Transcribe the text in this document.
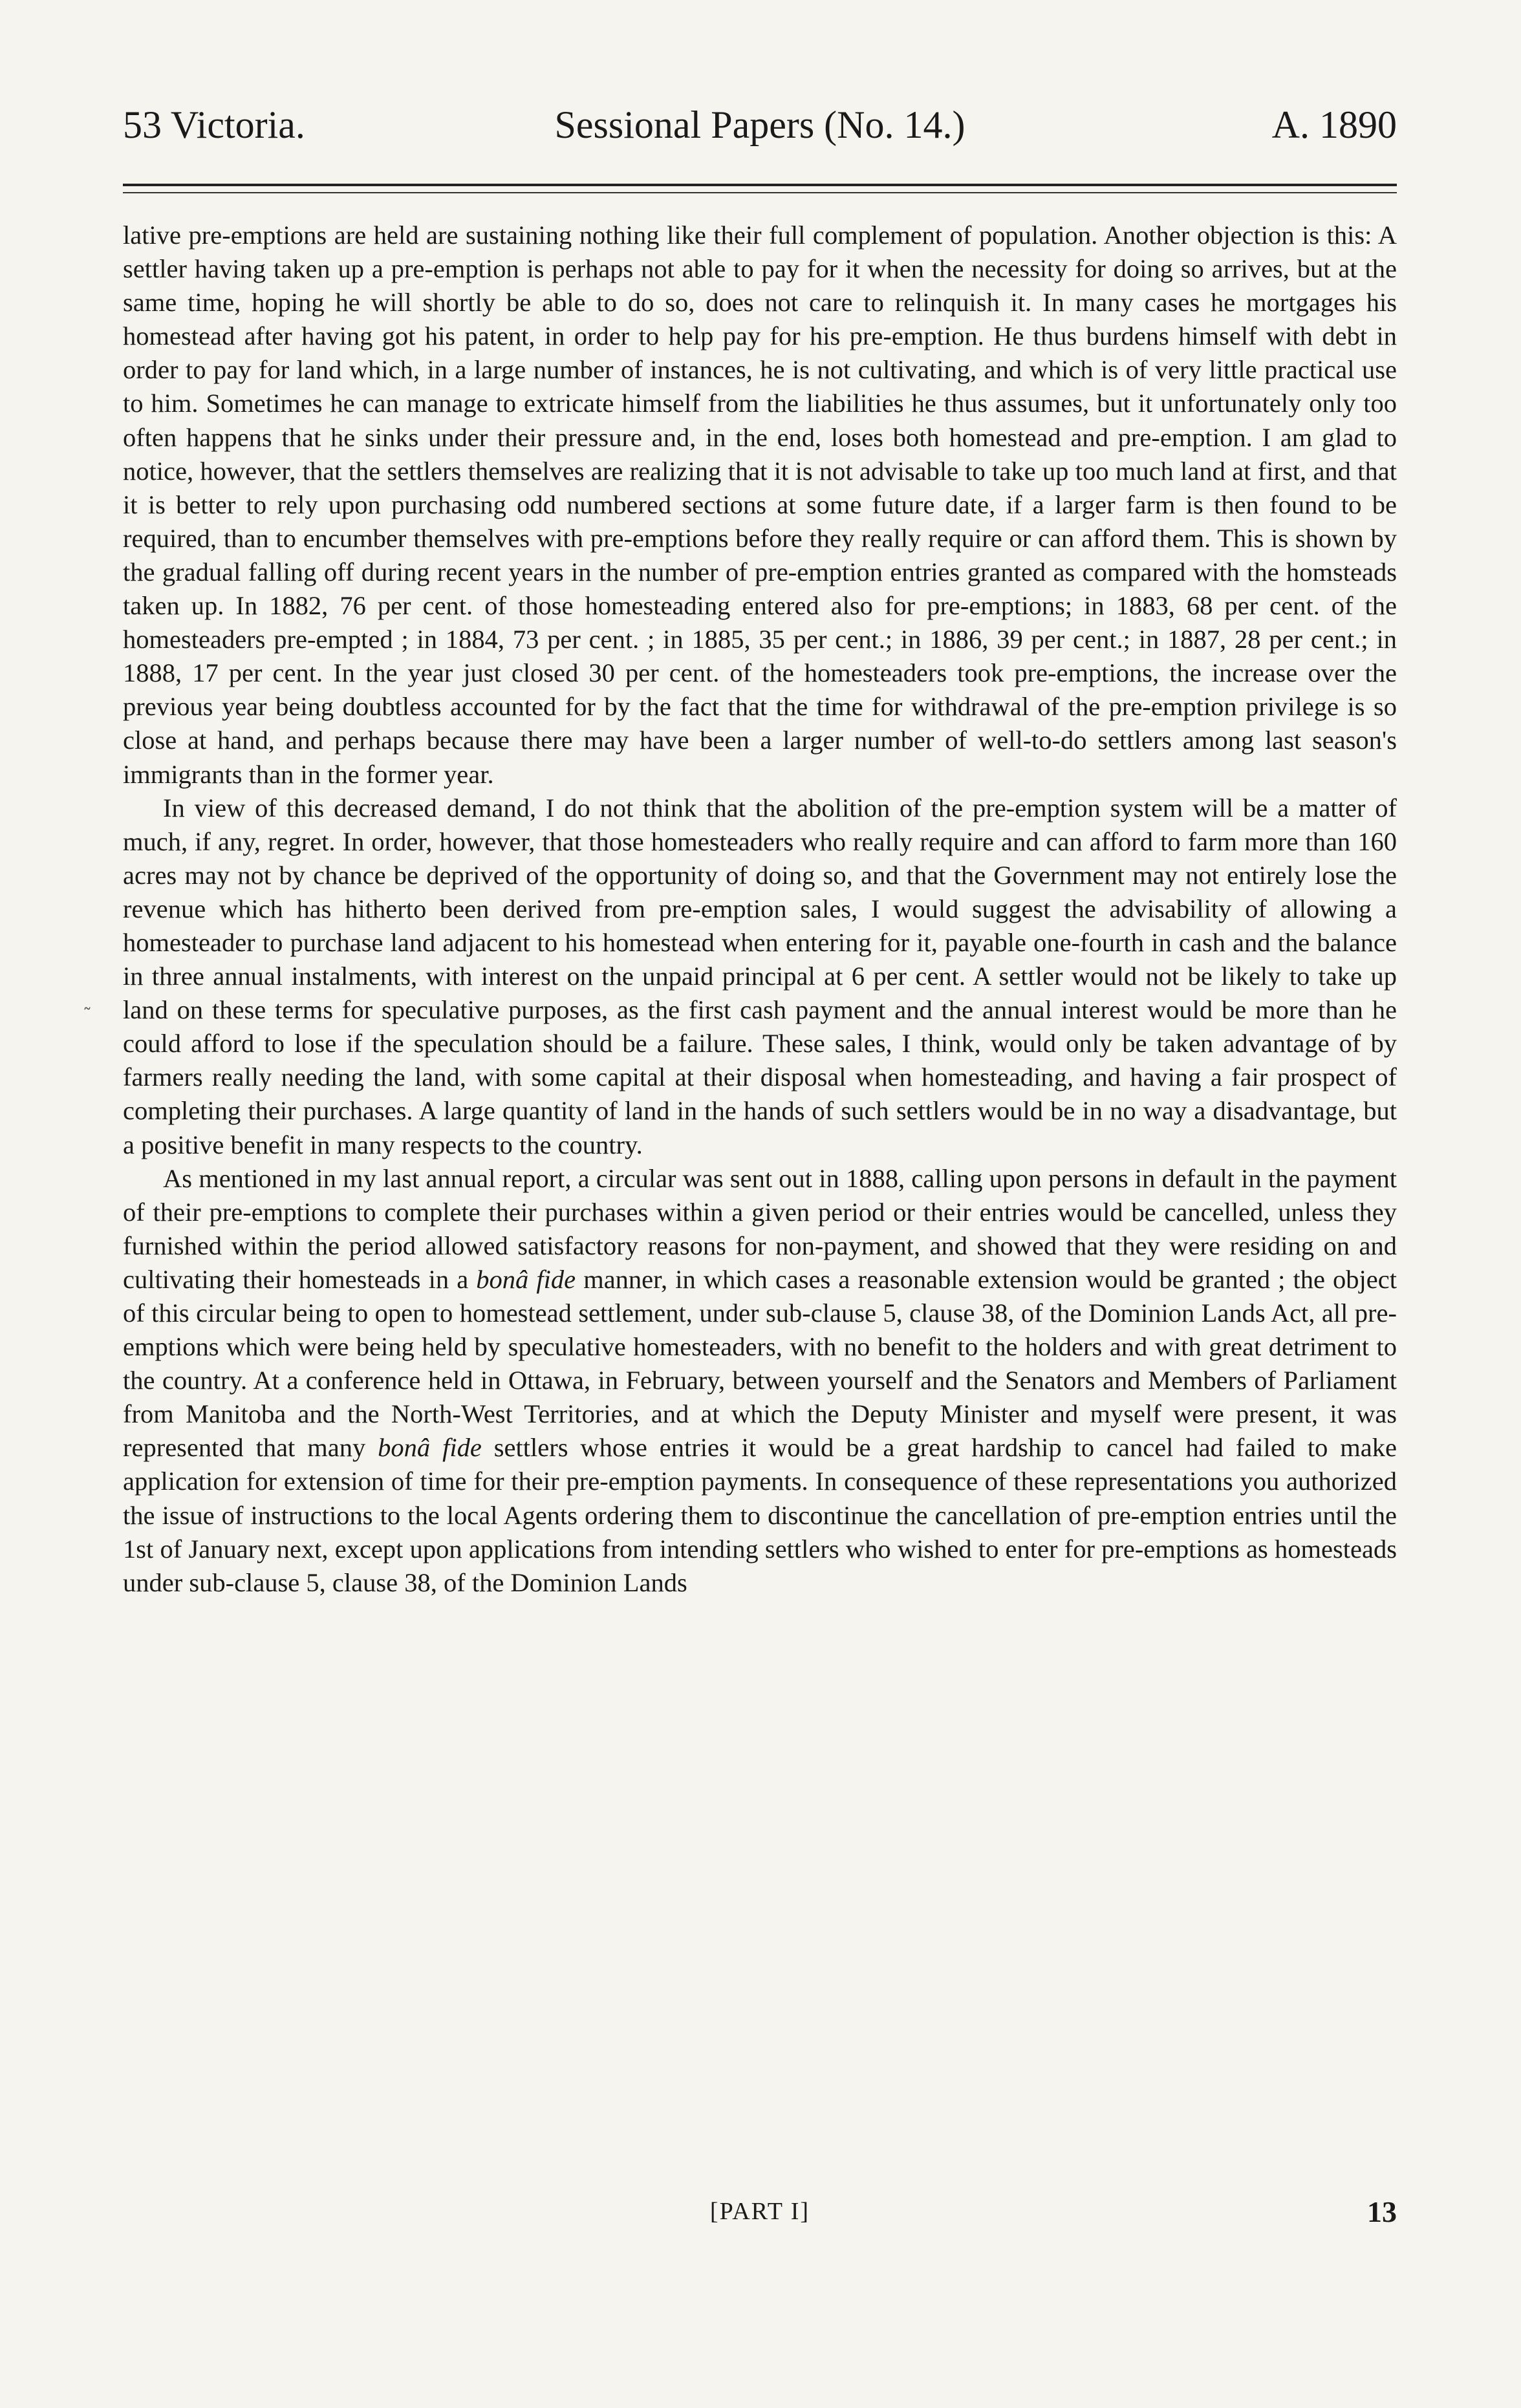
53 Victoria.	Sessional Papers (No. 14.)	A. 1890
˷

lative pre-emptions are held are sustaining nothing like their full complement of population. Another objection is this: A settler having taken up a pre-emption is perhaps not able to pay for it when the necessity for doing so arrives, but at the same time, hoping he will shortly be able to do so, does not care to relinquish it. In many cases he mortgages his homestead after having got his patent, in order to help pay for his pre-emption. He thus burdens himself with debt in order to pay for land which, in a large number of instances, he is not cultivating, and which is of very little practical use to him. Sometimes he can manage to extricate himself from the liabilities he thus assumes, but it unfortunately only too often happens that he sinks under their pressure and, in the end, loses both homestead and pre-emption. I am glad to notice, however, that the settlers themselves are realizing that it is not advisable to take up too much land at first, and that it is better to rely upon purchasing odd numbered sections at some future date, if a larger farm is then found to be required, than to encumber themselves with pre-emptions before they really require or can afford them. This is shown by the gradual falling off during recent years in the number of pre-emption entries granted as compared with the homsteads taken up. In 1882, 76 per cent. of those homesteading entered also for pre-emptions; in 1883, 68 per cent. of the homesteaders pre-empted ; in 1884, 73 per cent. ; in 1885, 35 per cent.; in 1886, 39 per cent.; in 1887, 28 per cent.; in 1888, 17 per cent. In the year just closed 30 per cent. of the homesteaders took pre-emptions, the increase over the previous year being doubtless accounted for by the fact that the time for withdrawal of the pre-emption privilege is so close at hand, and perhaps because there may have been a larger number of well-to-do settlers among last season's immigrants than in the former year.

In view of this decreased demand, I do not think that the abolition of the pre-emption system will be a matter of much, if any, regret. In order, however, that those homesteaders who really require and can afford to farm more than 160 acres may not by chance be deprived of the opportunity of doing so, and that the Government may not entirely lose the revenue which has hitherto been derived from pre-emption sales, I would suggest the advisability of allowing a homesteader to purchase land adjacent to his homestead when entering for it, payable one-fourth in cash and the balance in three annual instalments, with interest on the unpaid principal at 6 per cent. A settler would not be likely to take up land on these terms for speculative purposes, as the first cash payment and the annual interest would be more than he could afford to lose if the speculation should be a failure. These sales, I think, would only be taken advantage of by farmers really needing the land, with some capital at their disposal when homesteading, and having a fair prospect of completing their purchases. A large quantity of land in the hands of such settlers would be in no way a disadvantage, but a positive benefit in many respects to the country.

As mentioned in my last annual report, a circular was sent out in 1888, calling upon persons in default in the payment of their pre-emptions to complete their purchases within a given period or their entries would be cancelled, unless they furnished within the period allowed satisfactory reasons for non-payment, and showed that they were residing on and cultivating their homesteads in a bonâ fide manner, in which cases a reasonable extension would be granted ; the object of this circular being to open to homestead settlement, under sub-clause 5, clause 38, of the Dominion Lands Act, all pre-emptions which were being held by speculative homesteaders, with no benefit to the holders and with great detriment to the country. At a conference held in Ottawa, in February, between yourself and the Senators and Members of Parliament from Manitoba and the North-West Territories, and at which the Deputy Minister and myself were present, it was represented that many bonâ fide settlers whose entries it would be a great hardship to cancel had failed to make application for extension of time for their pre-emption payments. In consequence of these representations you authorized the issue of instructions to the local Agents ordering them to discontinue the cancellation of pre-emption entries until the 1st of January next, except upon applications from intending settlers who wished to enter for pre-emptions as homesteads under sub-clause 5, clause 38, of the Dominion Lands

[PART I]	13
